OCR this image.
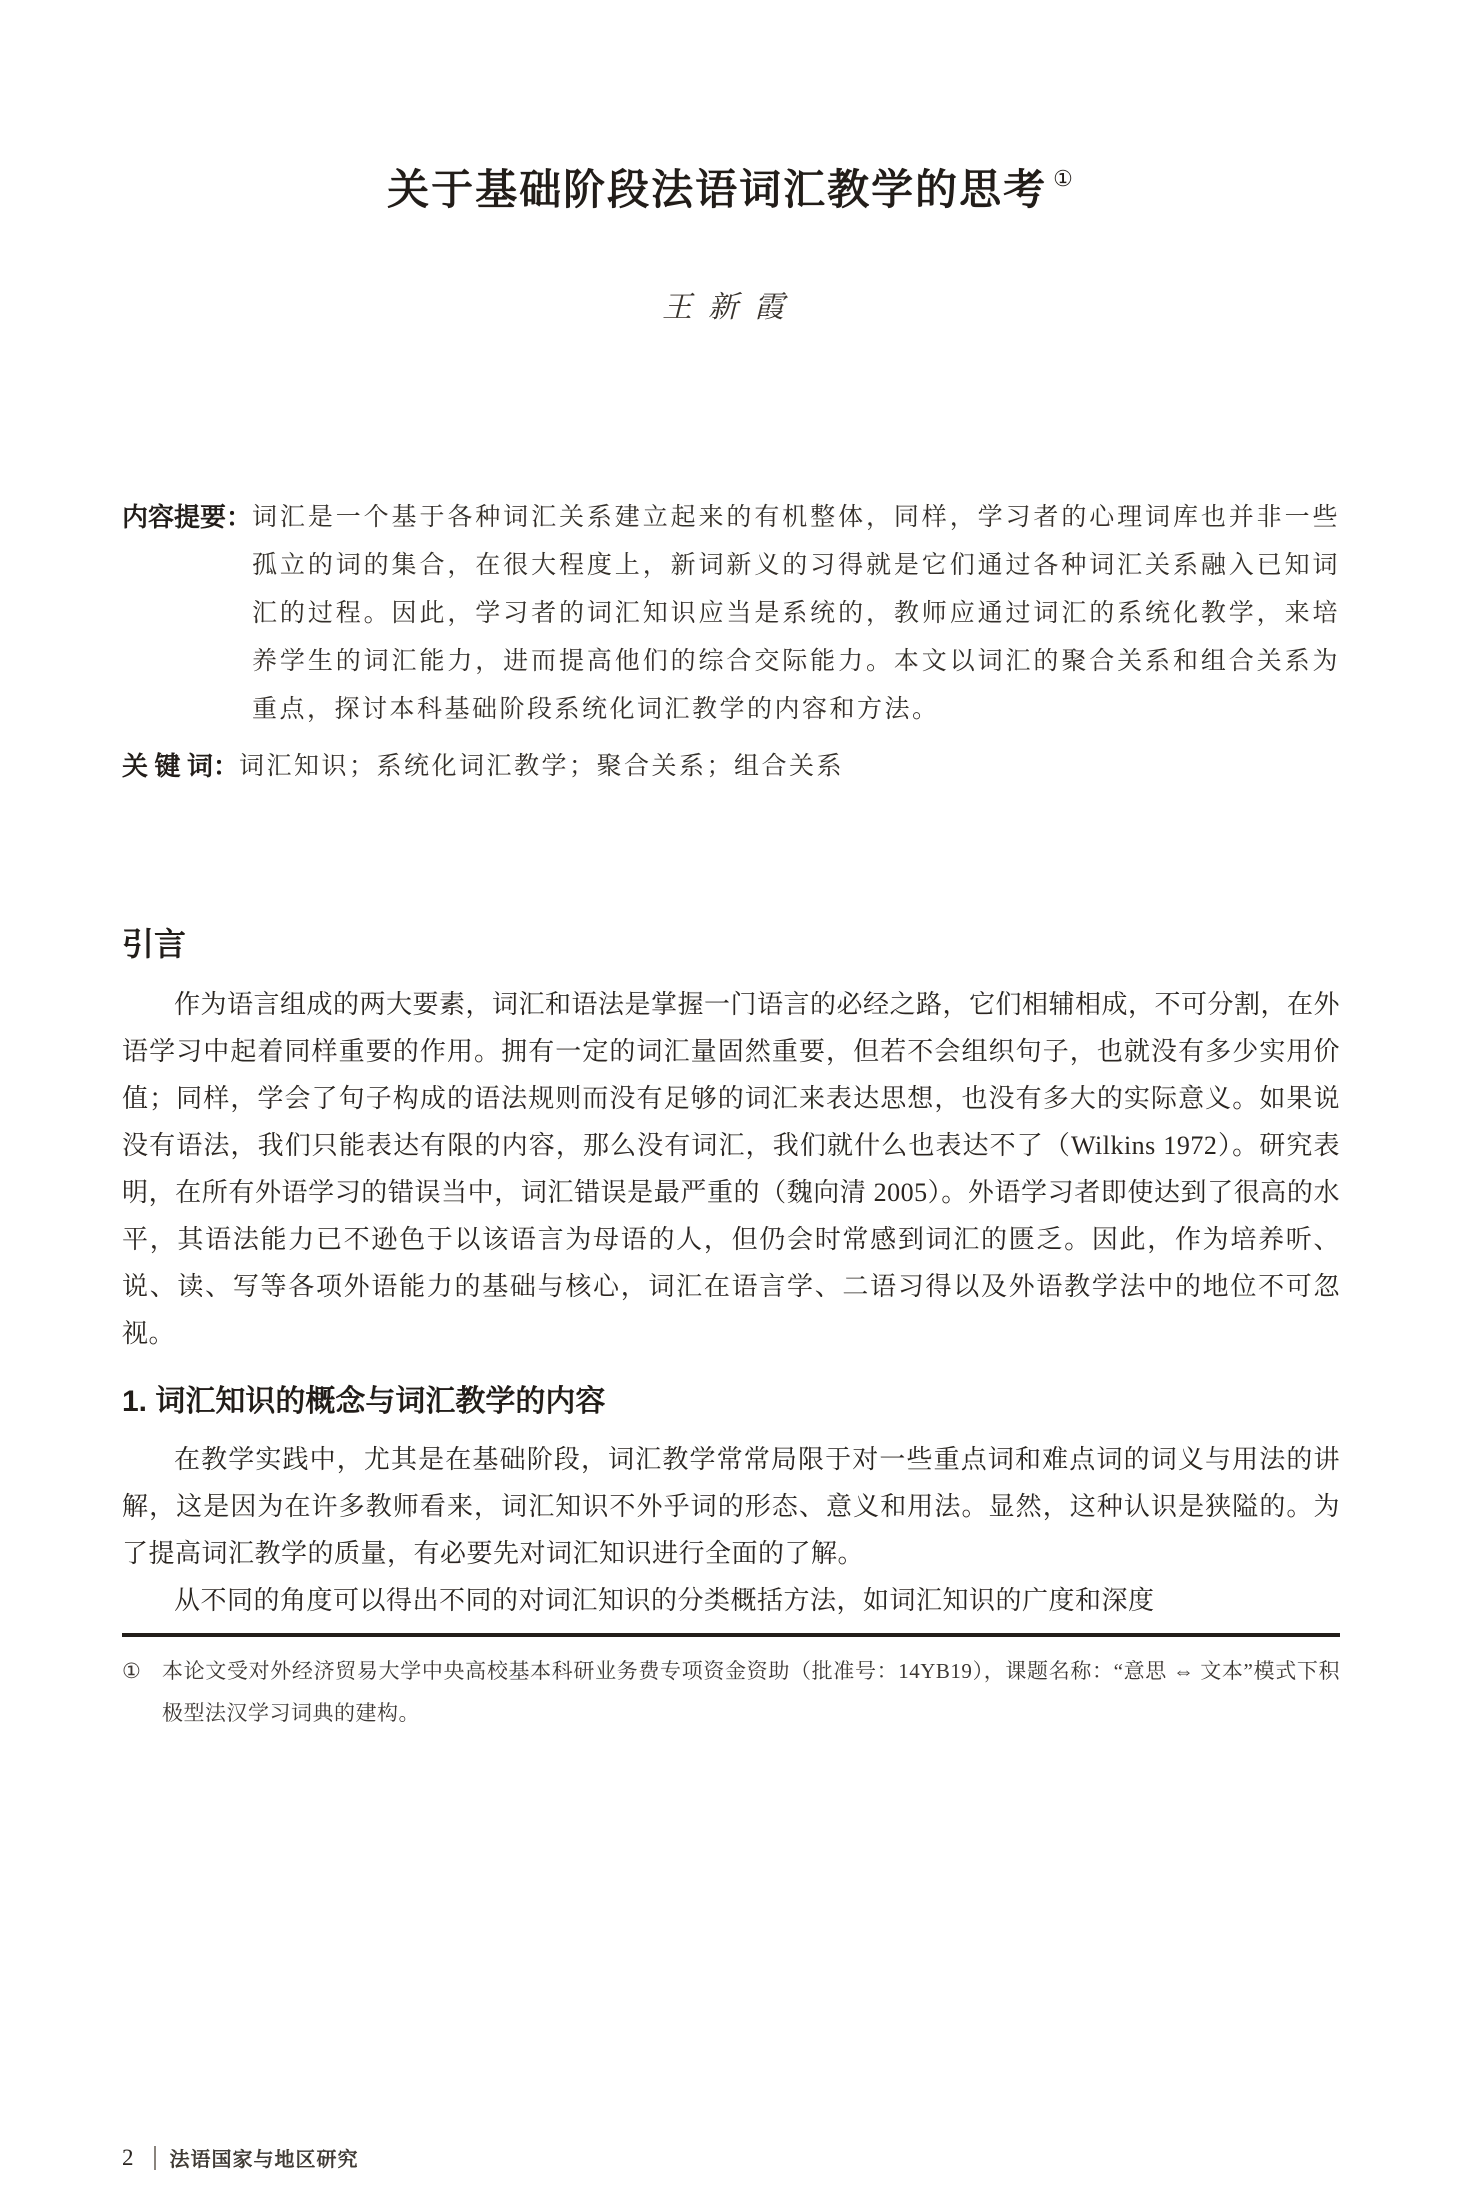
关于基础阶段法语词汇教学的思考 ①
王新霞
内容提要： 词汇是一个基于各种词汇关系建立起来的有机整体，同样，学习者的心理词库也并非一些孤立的词的集合，在很大程度上，新词新义的习得就是它们通过各种词汇关系融入已知词汇的过程。因此，学习者的词汇知识应当是系统的，教师应通过词汇的系统化教学，来培养学生的词汇能力，进而提高他们的综合交际能力。本文以词汇的聚合关系和组合关系为重点，探讨本科基础阶段系统化词汇教学的内容和方法。
关 键 词： 词汇知识；系统化词汇教学；聚合关系；组合关系
引言

作为语言组成的两大要素，词汇和语法是掌握一门语言的必经之路，它们相辅相成，不可分割，在外语学习中起着同样重要的作用。拥有一定的词汇量固然重要，但若不会组织句子，也就没有多少实用价值；同样，学会了句子构成的语法规则而没有足够的词汇来表达思想，也没有多大的实际意义。如果说没有语法，我们只能表达有限的内容，那么没有词汇，我们就什么也表达不了（Wilkins 1972）。研究表明，在所有外语学习的错误当中，词汇错误是最严重的（魏向清 2005）。外语学习者即使达到了很高的水平，其语法能力已不逊色于以该语言为母语的人，但仍会时常感到词汇的匮乏。因此，作为培养听、说、读、写等各项外语能力的基础与核心，词汇在语言学、二语习得以及外语教学法中的地位不可忽视。

1. 词汇知识的概念与词汇教学的内容

在教学实践中，尤其是在基础阶段，词汇教学常常局限于对一些重点词和难点词的词义与用法的讲解，这是因为在许多教师看来，词汇知识不外乎词的形态、意义和用法。显然，这种认识是狭隘的。为了提高词汇教学的质量，有必要先对词汇知识进行全面的了解。

从不同的角度可以得出不同的对词汇知识的分类概括方法，如词汇知识的广度和深度

①	本论文受对外经济贸易大学中央高校基本科研业务费专项资金资助（批准号：14YB19），课题名称：“意思 ⇔ 文本”模式下积极型法汉学习词典的建构。
2 法语国家与地区研究
